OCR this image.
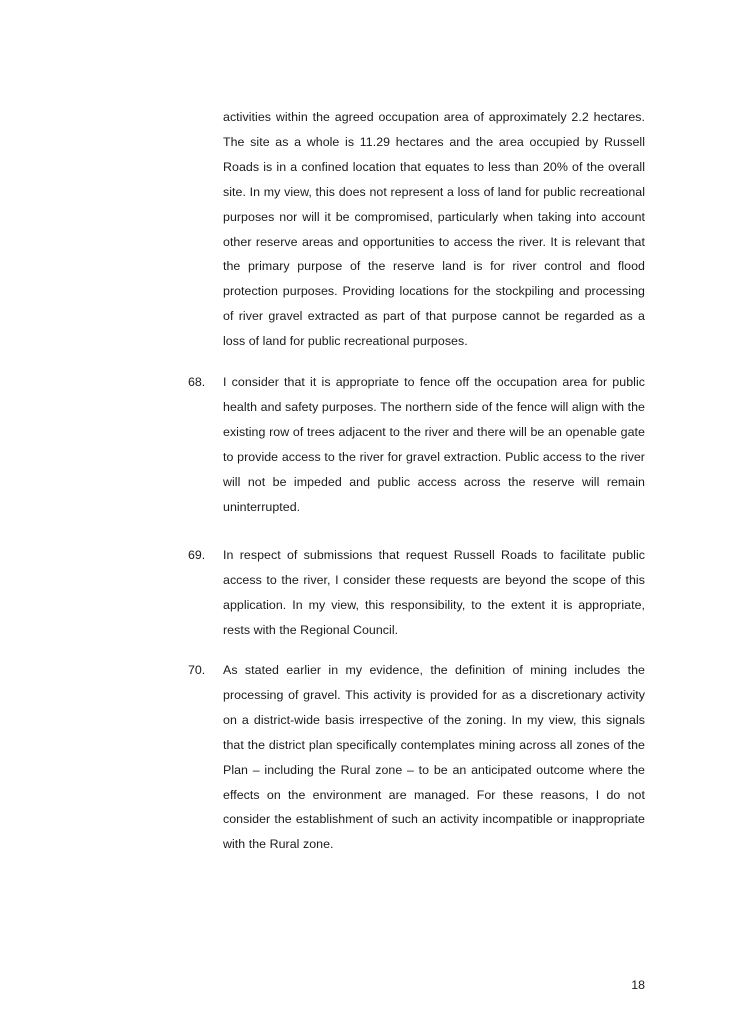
activities within the agreed occupation area of approximately 2.2 hectares. The site as a whole is 11.29 hectares and the area occupied by Russell Roads is in a confined location that equates to less than 20% of the overall site. In my view, this does not represent a loss of land for public recreational purposes nor will it be compromised, particularly when taking into account other reserve areas and opportunities to access the river. It is relevant that the primary purpose of the reserve land is for river control and flood protection purposes. Providing locations for the stockpiling and processing of river gravel extracted as part of that purpose cannot be regarded as a loss of land for public recreational purposes.

68. I consider that it is appropriate to fence off the occupation area for public health and safety purposes. The northern side of the fence will align with the existing row of trees adjacent to the river and there will be an openable gate to provide access to the river for gravel extraction. Public access to the river will not be impeded and public access across the reserve will remain uninterrupted.

69. In respect of submissions that request Russell Roads to facilitate public access to the river, I consider these requests are beyond the scope of this application. In my view, this responsibility, to the extent it is appropriate, rests with the Regional Council.

70. As stated earlier in my evidence, the definition of mining includes the processing of gravel. This activity is provided for as a discretionary activity on a district-wide basis irrespective of the zoning. In my view, this signals that the district plan specifically contemplates mining across all zones of the Plan – including the Rural zone – to be an anticipated outcome where the effects on the environment are managed. For these reasons, I do not consider the establishment of such an activity incompatible or inappropriate with the Rural zone.

18
